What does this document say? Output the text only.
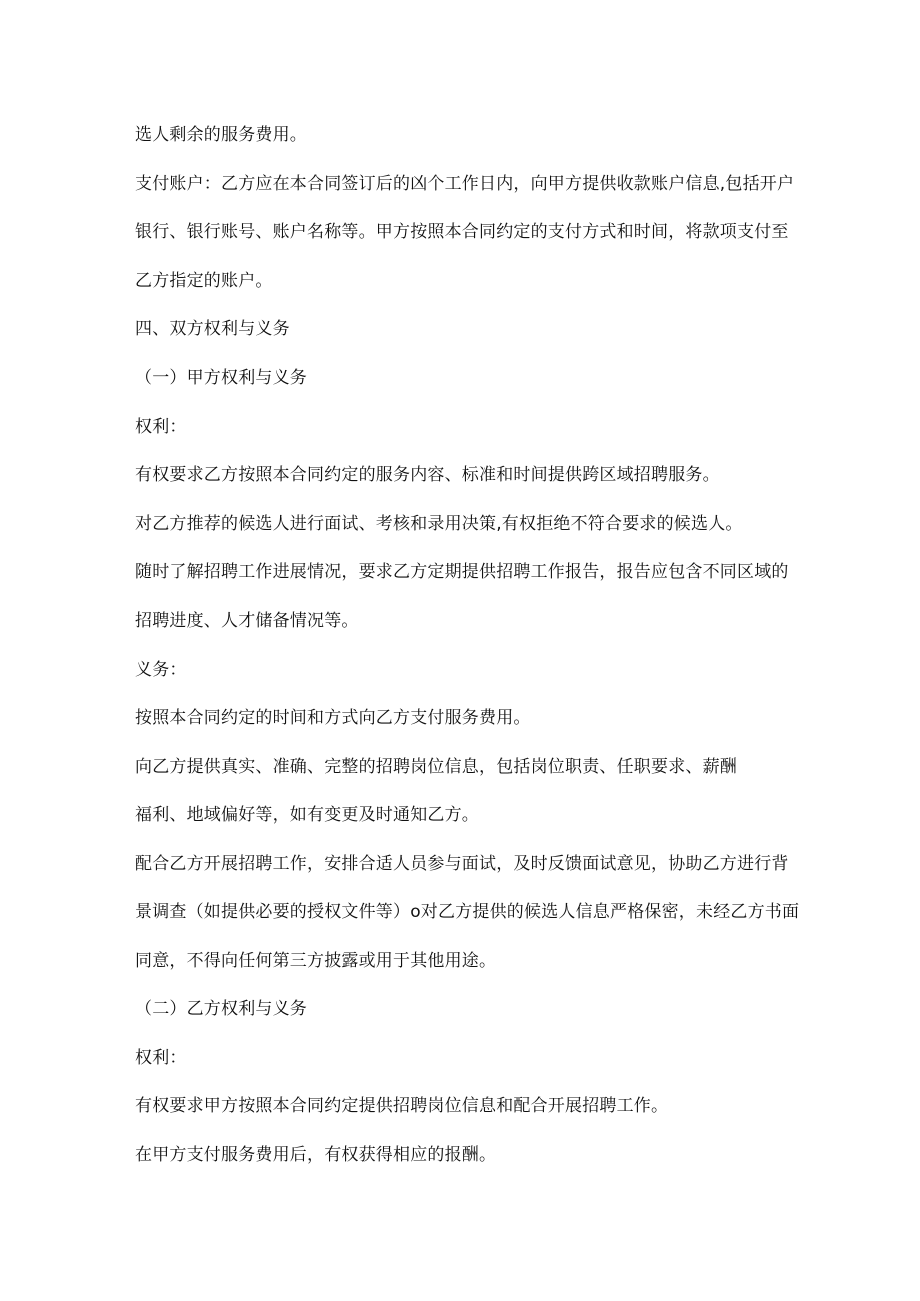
选人剩余的服务费用。
支付账户：乙方应在本合同签订后的凶个工作日内，向甲方提供收款账户信息,包括开户
银行、银行账号、账户名称等。甲方按照本合同约定的支付方式和时间，将款项支付至
乙方指定的账户。
四、双方权利与义务
（一）甲方权利与义务
权利：
有权要求乙方按照本合同约定的服务内容、标准和时间提供跨区域招聘服务。
对乙方推荐的候选人进行面试、考核和录用决策,有权拒绝不符合要求的候选人。
随时了解招聘工作进展情况，要求乙方定期提供招聘工作报告，报告应包含不同区域的
招聘进度、人才储备情况等。
义务：
按照本合同约定的时间和方式向乙方支付服务费用。
向乙方提供真实、准确、完整的招聘岗位信息，包括岗位职责、任职要求、薪酬
福利、地域偏好等，如有变更及时通知乙方。
配合乙方开展招聘工作，安排合适人员参与面试，及时反馈面试意见，协助乙方进行背
景调查（如提供必要的授权文件等）o对乙方提供的候选人信息严格保密，未经乙方书面
同意，不得向任何第三方披露或用于其他用途。
（二）乙方权利与义务
权利：
有权要求甲方按照本合同约定提供招聘岗位信息和配合开展招聘工作。
在甲方支付服务费用后，有权获得相应的报酬。
